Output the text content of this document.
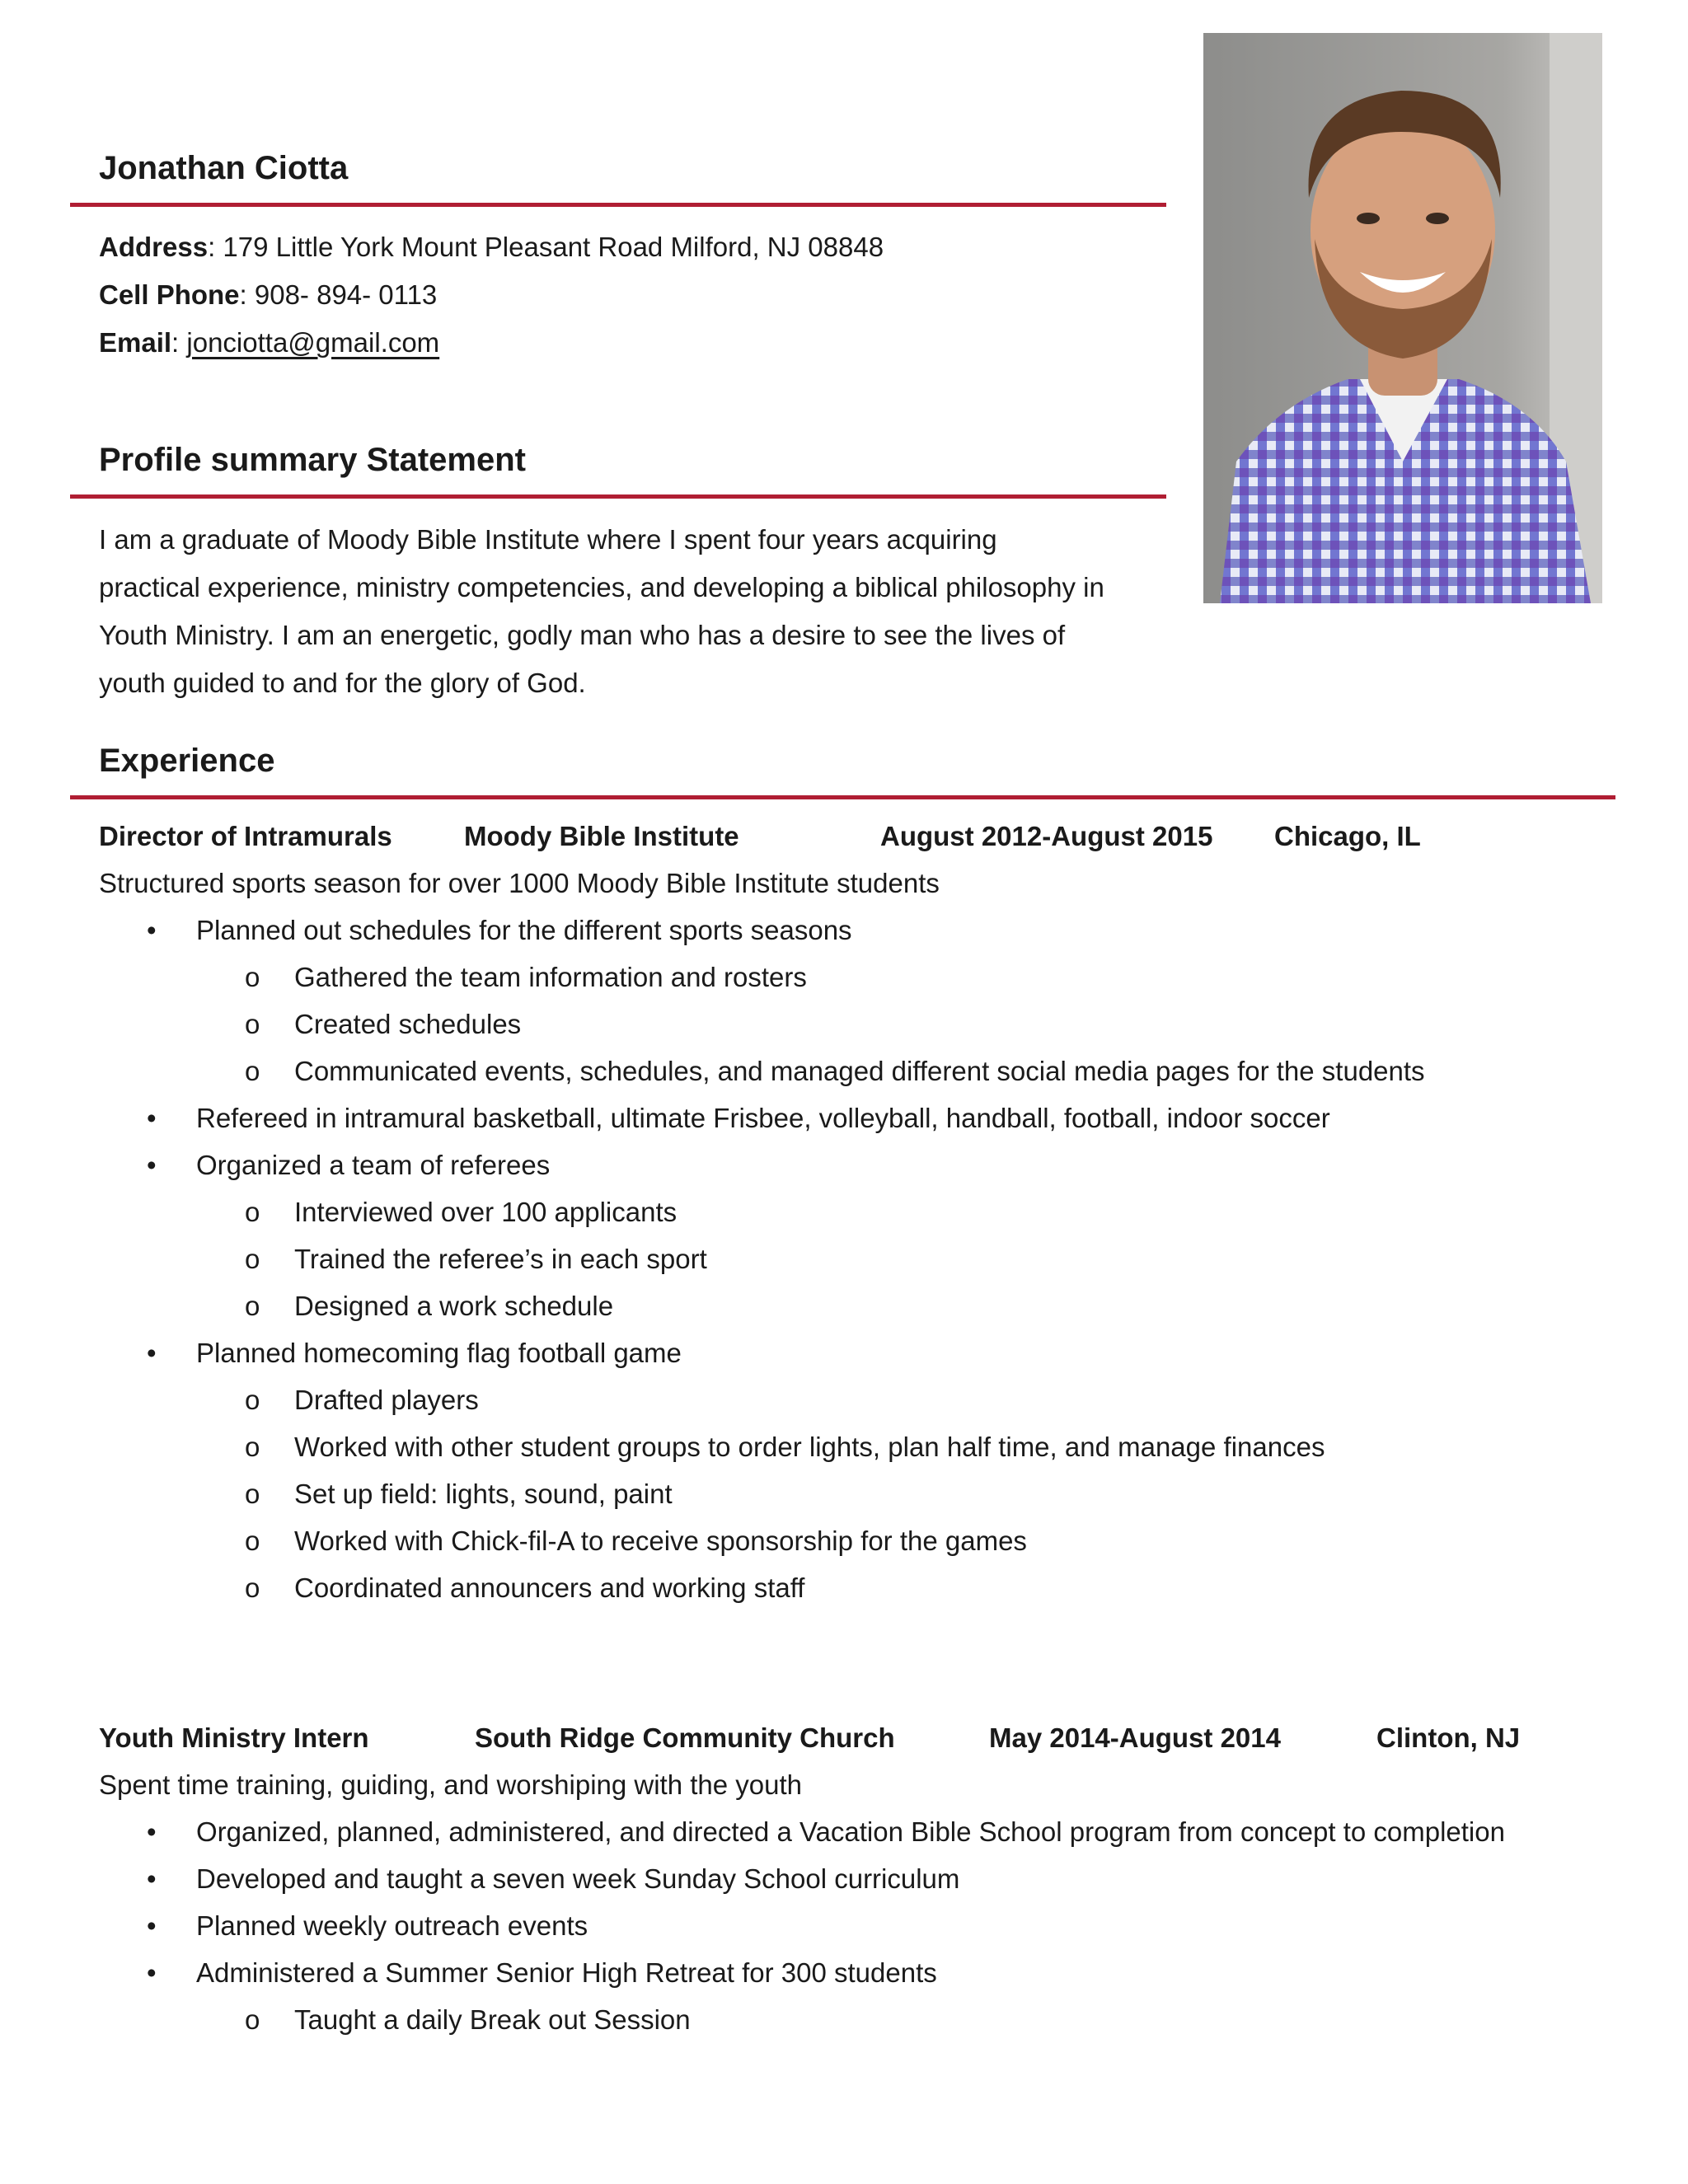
Jonathan Ciotta
Address: 179 Little York Mount Pleasant Road Milford, NJ 08848
Cell Phone: 908- 894- 0113
Email: jonciotta@gmail.com
Profile summary Statement
I am a graduate of Moody Bible Institute where I spent four years acquiring
practical experience, ministry competencies, and developing a biblical philosophy in
Youth Ministry. I am an energetic, godly man who has a desire to see the lives of
youth guided to and for the glory of God.
Experience
Director of Intramurals	Moody Bible Institute	August 2012-August 2015 Chicago, IL
Structured sports season for over 1000 Moody Bible Institute students
• Planned out schedules for the different sports seasons
o Gathered the team information and rosters
o Created schedules
o Communicated events, schedules, and managed different social media pages for the students
• Refereed in intramural basketball, ultimate Frisbee, volleyball, handball, football, indoor soccer
• Organized a team of referees
o Interviewed over 100 applicants
o Trained the referee’s in each sport
o Designed a work schedule
• Planned homecoming flag football game
o Drafted players
o Worked with other student groups to order lights, plan half time, and manage finances
o Set up field: lights, sound, paint
o Worked with Chick-fil-A to receive sponsorship for the games
o Coordinated announcers and working staff
Youth Ministry Intern	South Ridge Community Church	May 2014-August 2014	Clinton, NJ
Spent time training, guiding, and worshiping with the youth
• Organized, planned, administered, and directed a Vacation Bible School program from concept to completion
• Developed and taught a seven week Sunday School curriculum
• Planned weekly outreach events
• Administered a Summer Senior High Retreat for 300 students
o Taught a daily Break out Session
